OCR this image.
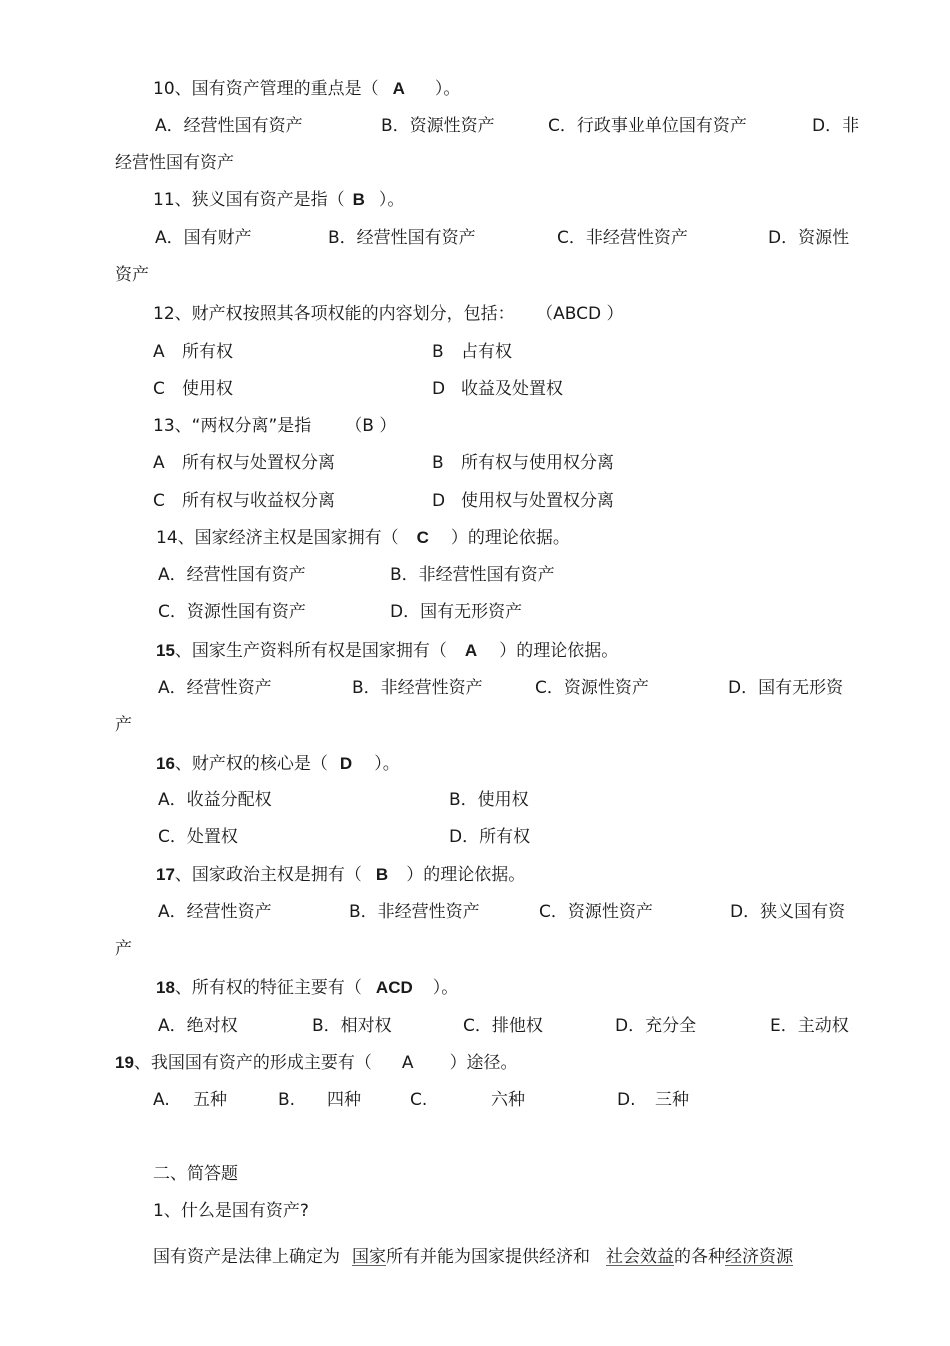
10、国有资产管理的重点是（ A ）。
A．经营性国有资产	B．资源性资产	C．行政事业单位国有资产	D．非
经营性国有资产
11、狭义国有资产是指（ B ）。
A．国有财产	B．经营性国有资产	C．非经营性资产	D．资源性
资产
12、财产权按照其各项权能的内容划分，包括： （ABCD ）
A 所有权	B 占有权
C 使用权	D 收益及处置权
13、“两权分离”是指 （B ）
A 所有权与处置权分离	B 所有权与使用权分离
C 所有权与收益权分离	D 使用权与处置权分离
14、国家经济主权是国家拥有（ C ）的理论依据。
A．经营性国有资产	B．非经营性国有资产
C．资源性国有资产	D．国有无形资产
15、国家生产资料所有权是国家拥有（ A ）的理论依据。
A．经营性资产	B．非经营性资产	C．资源性资产	D．国有无形资
产
16、财产权的核心是（ D ）。
A．收益分配权	B．使用权
C．处置权	D．所有权
17、国家政治主权是拥有（ B ）的理论依据。
A．经营性资产	B．非经营性资产	C．资源性资产	D．狭义国有资
产
18、所有权的特征主要有（ ACD ）。
A．绝对权	B．相对权	C．排他权	D．充分全	E．主动权
19、我国国有资产的形成主要有（ A ）途径。
A. 五种	B. 四种	C.	六种	D. 三种
二、简答题
1、什么是国有资产?
国有资产是法律上确定为 国家所有并能为国家提供经济和 社会效益的各种经济资源
